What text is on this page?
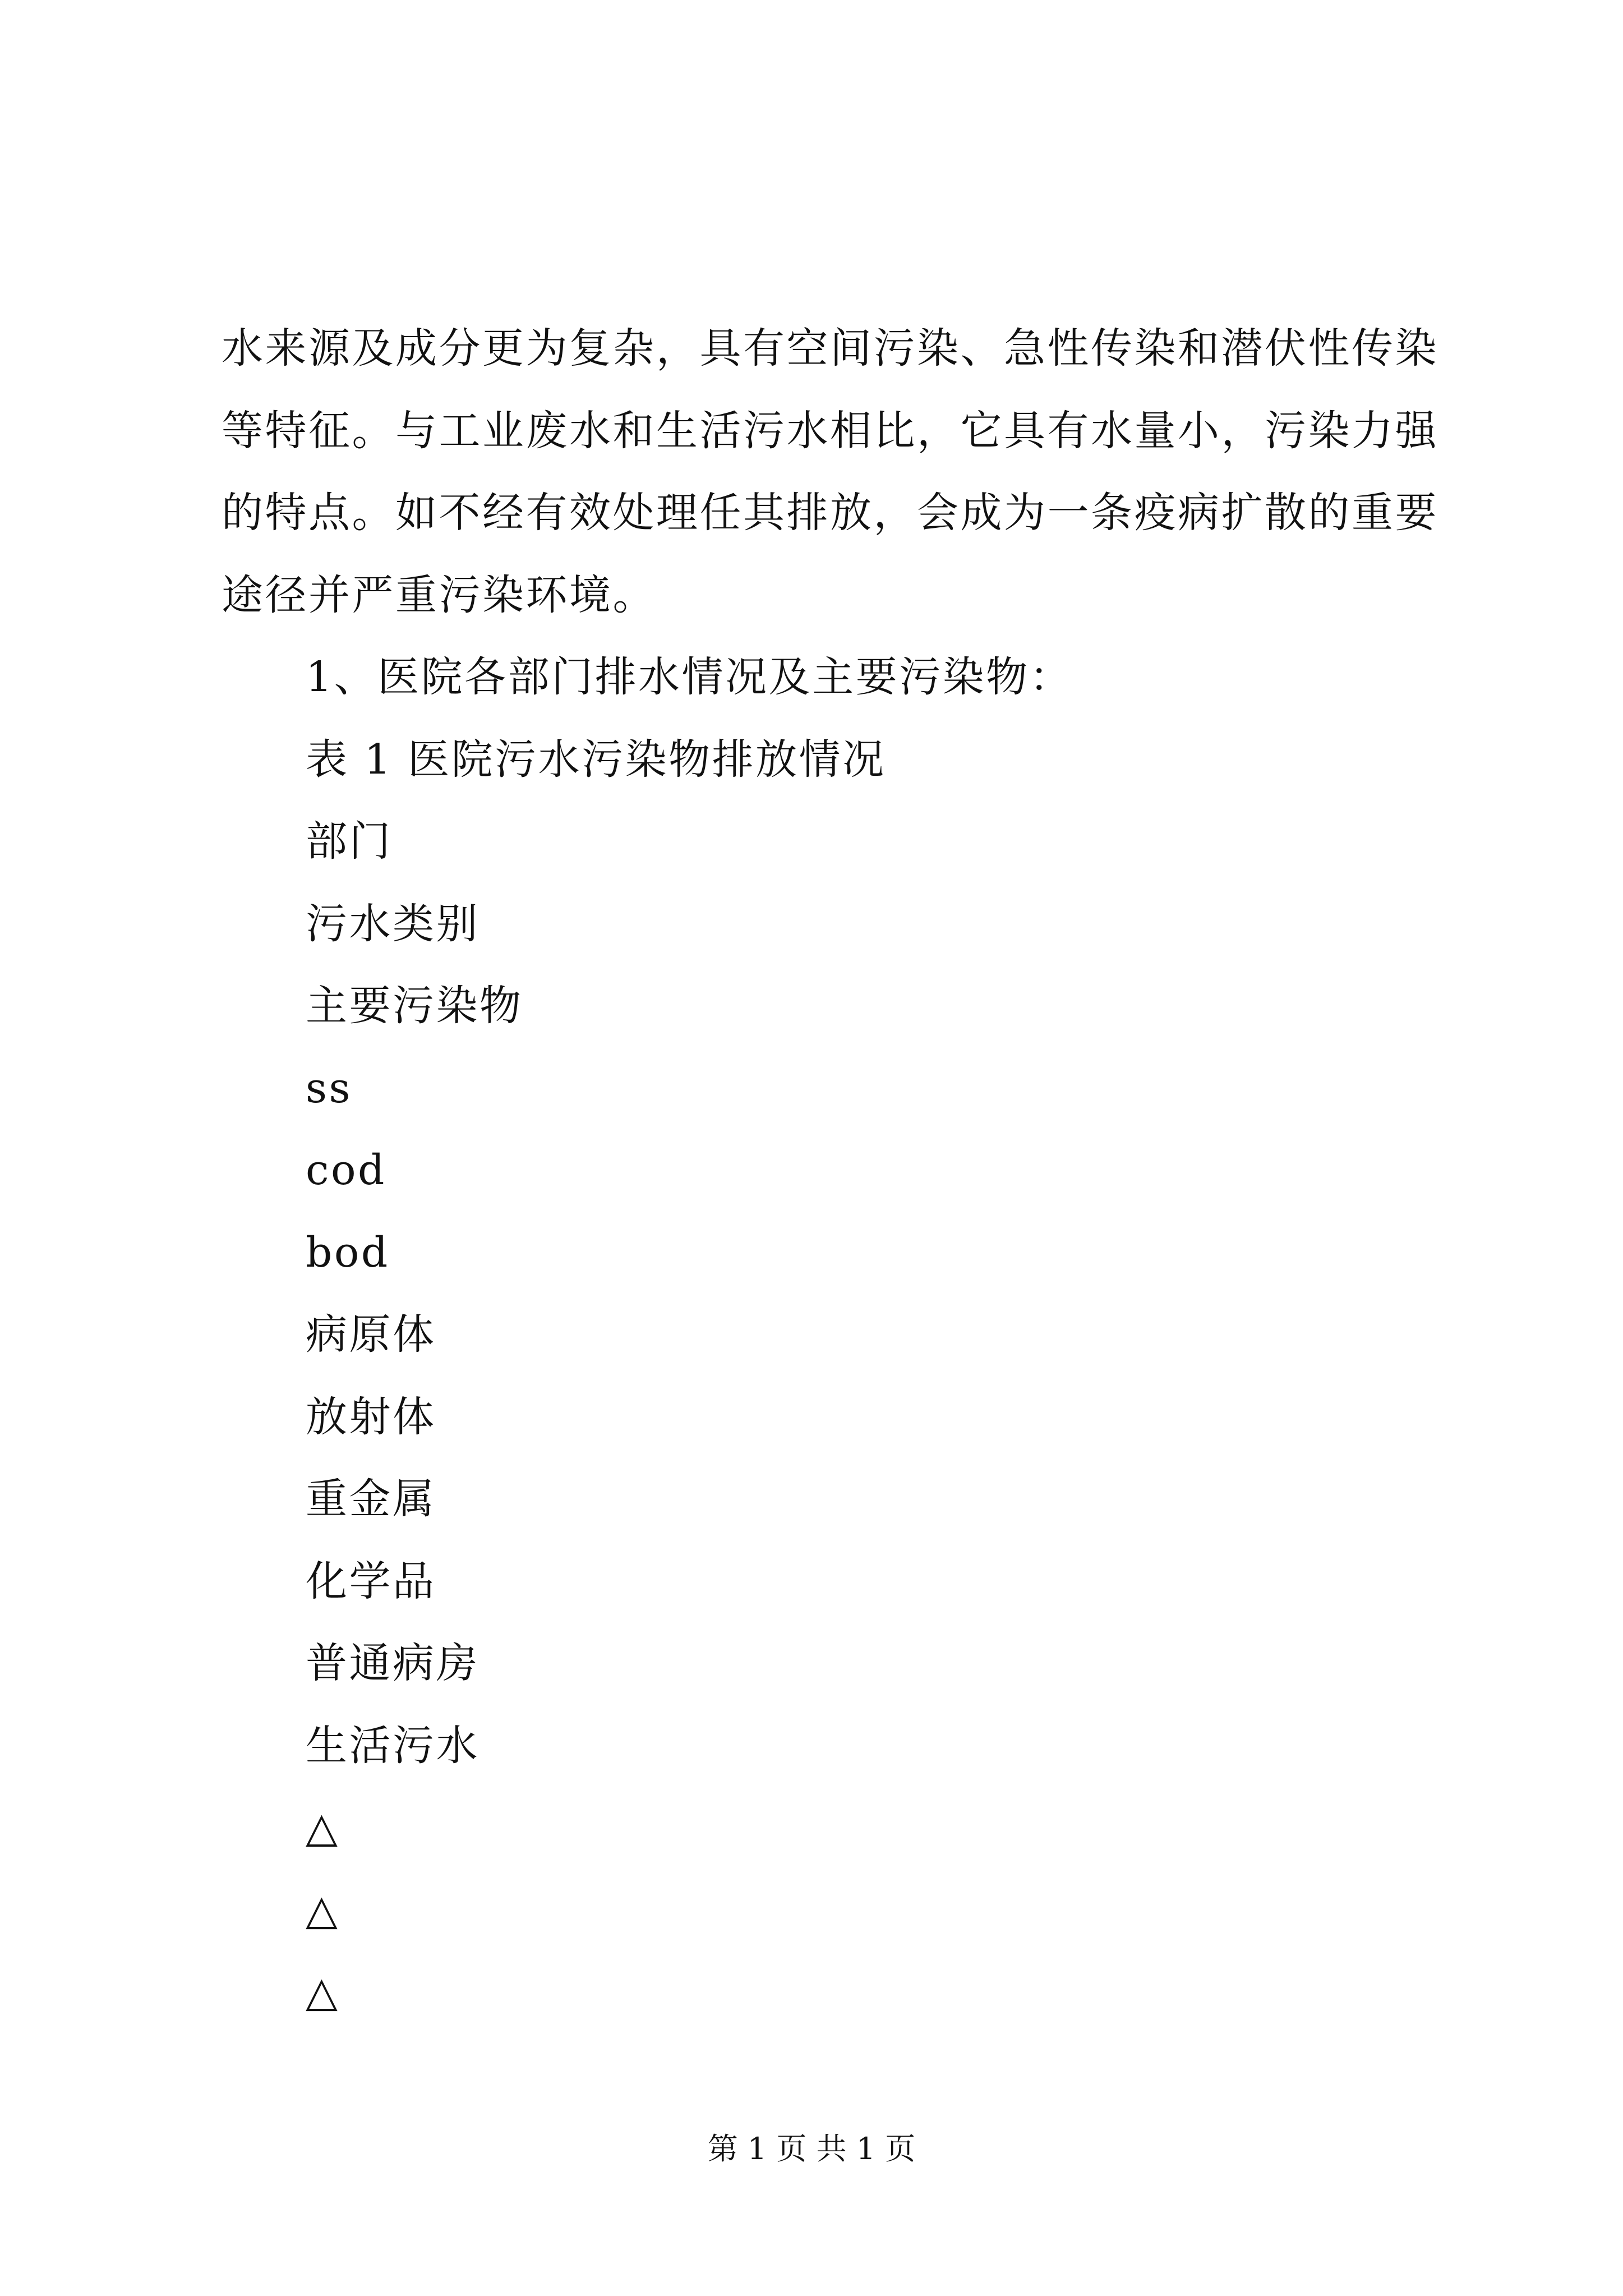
水来源及成分更为复杂，具有空间污染、急性传染和潜伏性传染
等特征。与工业废水和生活污水相比，它具有水量小，污染力强
的特点。如不经有效处理任其排放，会成为一条疫病扩散的重要
途径并严重污染环境。
1、医院各部门排水情况及主要污染物：
表 1 医院污水污染物排放情况
部门
污水类别
主要污染物
ss
cod
bod
病原体
放射体
重金属
化学品
普通病房
生活污水
△
△
△
第 1 页 共 1 页
